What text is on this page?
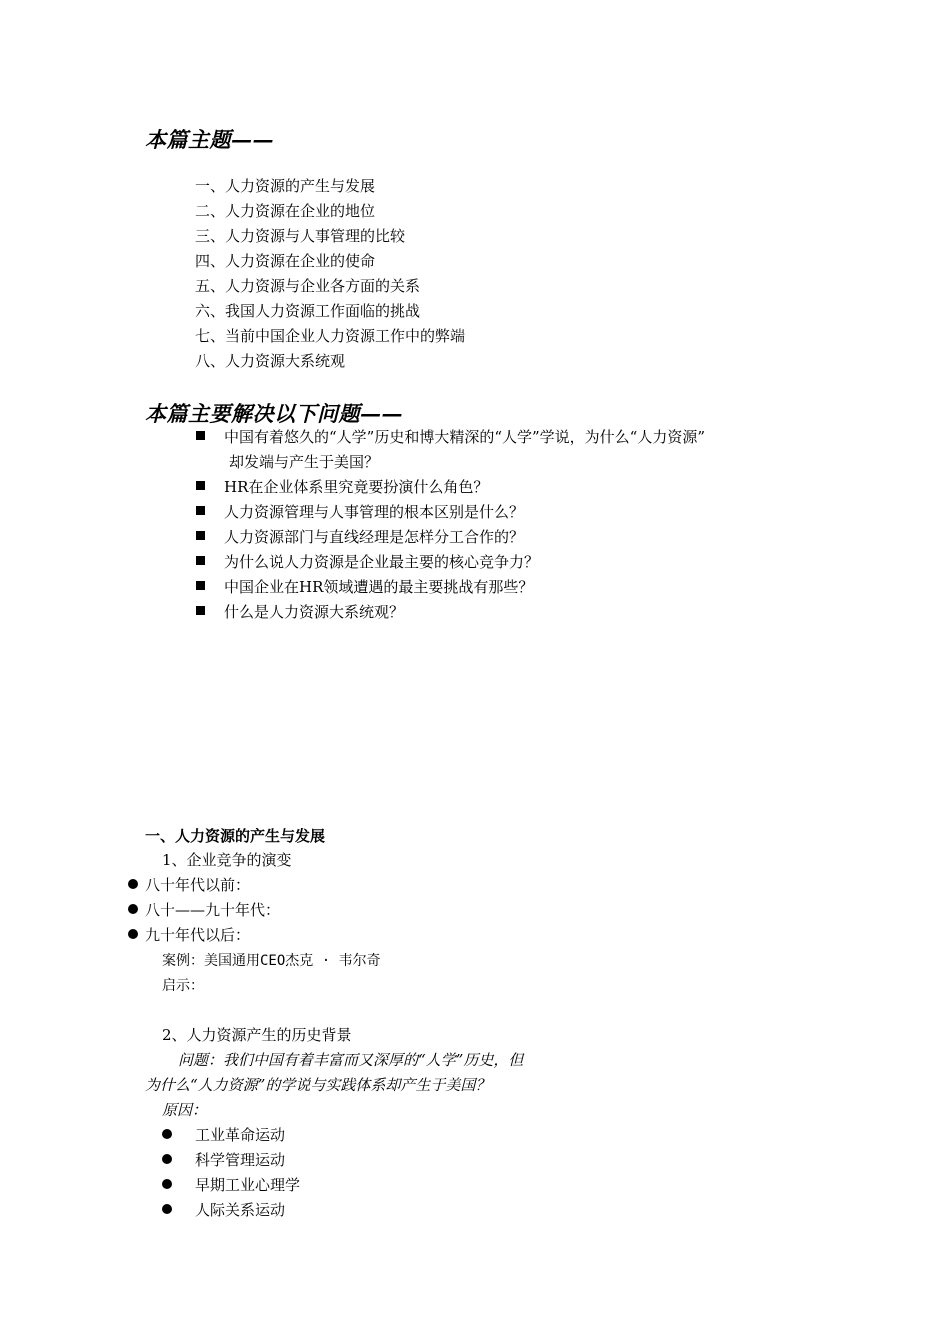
本篇主题——
一、人力资源的产生与发展
二、人力资源在企业的地位
三、人力资源与人事管理的比较
四、人力资源在企业的使命
五、人力资源与企业各方面的关系
六、我国人力资源工作面临的挑战
七、当前中国企业人力资源工作中的弊端
八、人力资源大系统观
本篇主要解决以下问题——
中国有着悠久的“人学”历史和博大精深的“人学”学说，为什么“人力资源”
却发端与产生于美国？
HR在企业体系里究竟要扮演什么角色？
人力资源管理与人事管理的根本区别是什么？
人力资源部门与直线经理是怎样分工合作的？
为什么说人力资源是企业最主要的核心竞争力？
中国企业在HR领域遭遇的最主要挑战有那些？
什么是人力资源大系统观？
一、人力资源的产生与发展
1、企业竞争的演变
八十年代以前：
八十——九十年代：
九十年代以后：
案例：美国通用CEO杰克 · 韦尔奇
启示：
2、人力资源产生的历史背景
问题：我们中国有着丰富而又深厚的“人学”历史，但
为什么“人力资源”的学说与实践体系却产生于美国？
原因：
工业革命运动
科学管理运动
早期工业心理学
人际关系运动
